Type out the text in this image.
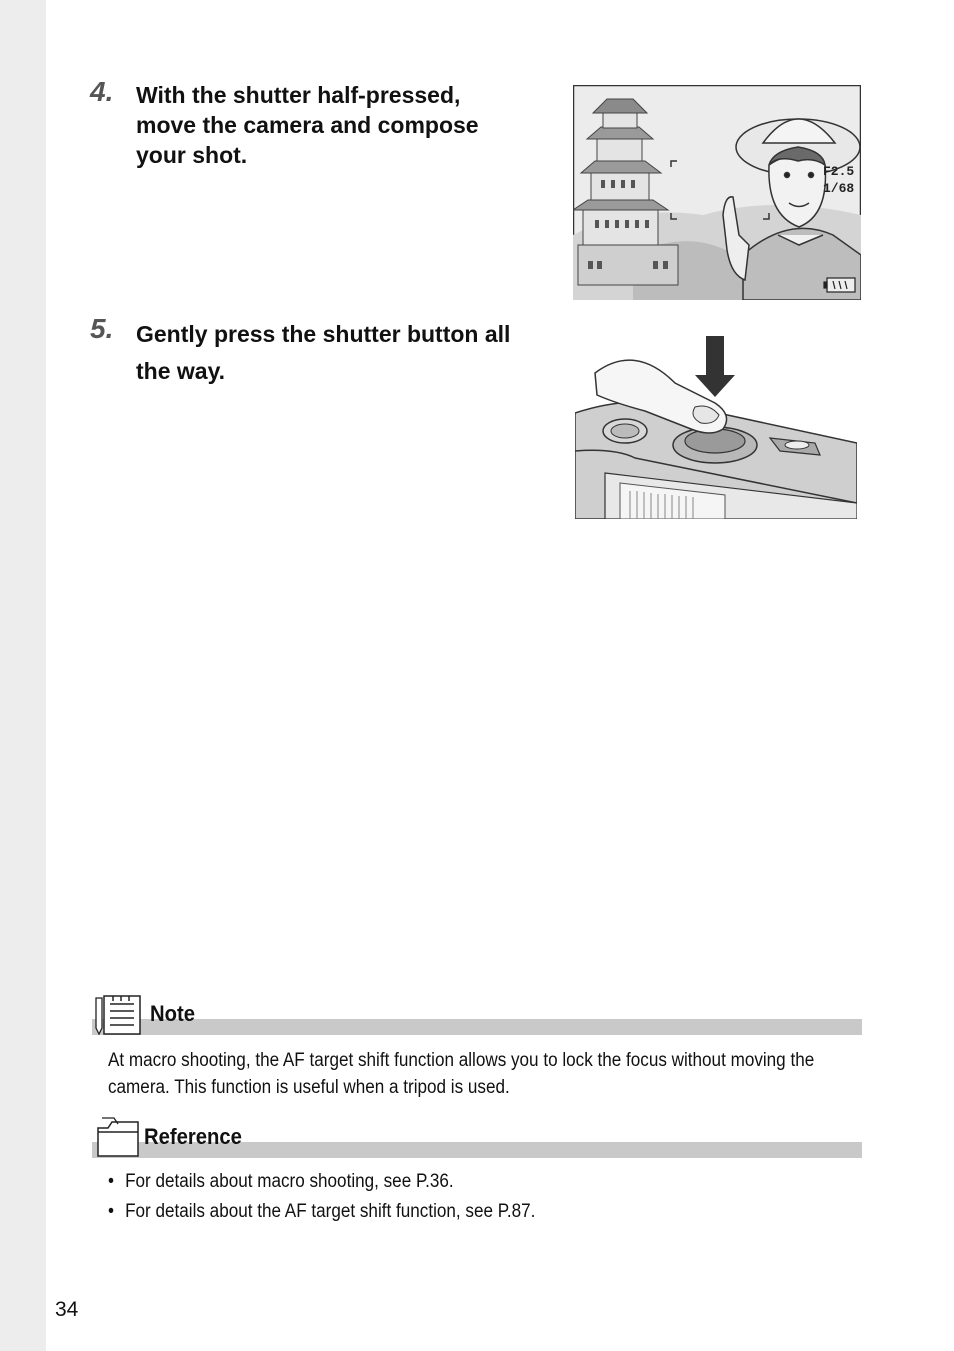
4. With the shutter half-pressed,
move the camera and compose
your shot.

F2.5
1/68
5. Gently press the shutter button all
the way.

Note
At macro shooting, the AF target shift function allows you to lock the focus without moving the
camera. This function is useful when a tripod is used.
Reference
• For details about macro shooting, see P.36.
• For details about the AF target shift function, see P.87.
34
